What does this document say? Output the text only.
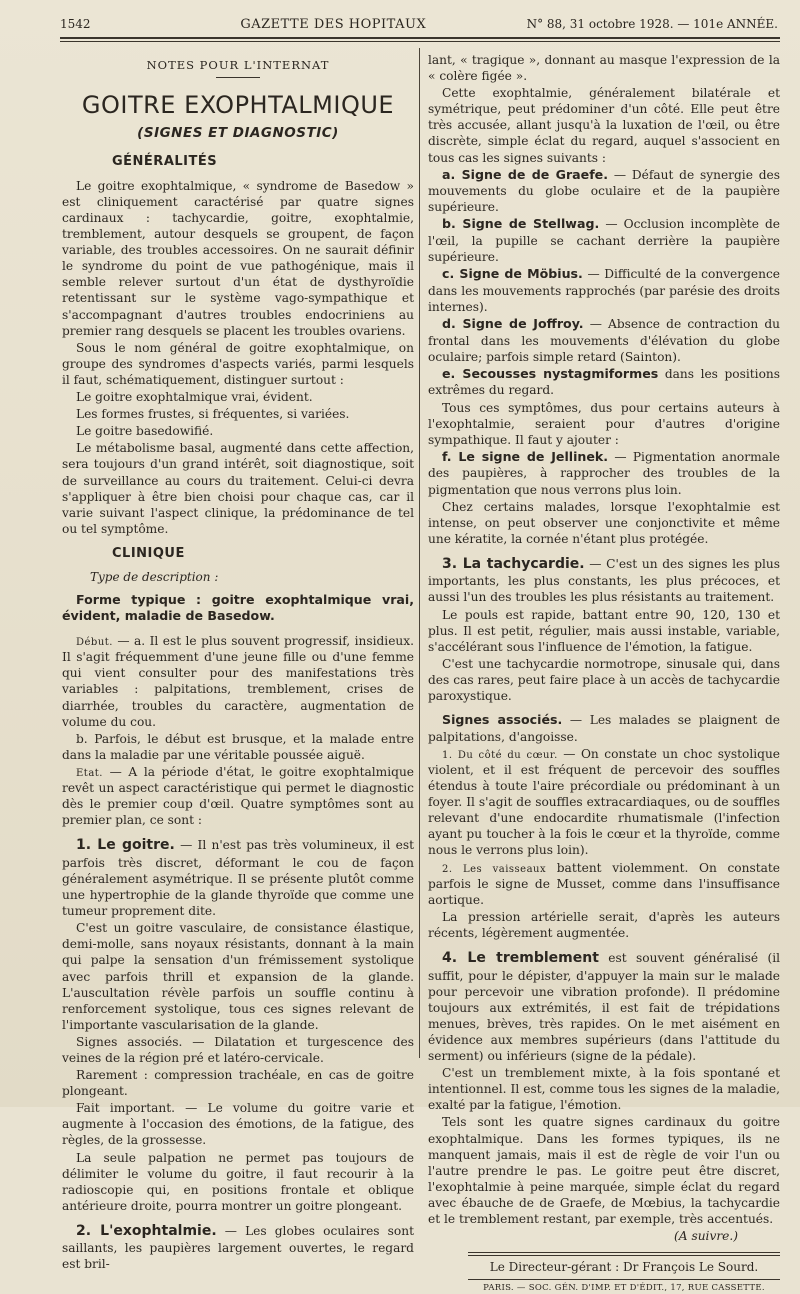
1542	GAZETTE DES HOPITAUX	N° 88, 31 octobre 1928. — 101e ANNÉE.
NOTES POUR L'INTERNAT
GOITRE EXOPHTALMIQUE
(SIGNES ET DIAGNOSTIC)
GÉNÉRALITÉS

Le goitre exophtalmique, « syndrome de Basedow » est cliniquement caractérisé par quatre signes cardinaux : tachycardie, goitre, exophtalmie, tremblement, autour desquels se groupent, de façon variable, des troubles accessoires. On ne saurait définir le syndrome du point de vue pathogénique, mais il semble relever surtout d'un état de dysthyroïdie retentissant sur le système vago-sympathique et s'accompagnant d'autres troubles endocriniens au premier rang desquels se placent les troubles ovariens.

Sous le nom général de goitre exophtalmique, on groupe des syndromes d'aspects variés, parmi lesquels il faut, schématiquement, distinguer surtout :

Le goitre exophtalmique vrai, évident.

Les formes frustes, si fréquentes, si variées.

Le goitre basedowifié.

Le métabolisme basal, augmenté dans cette affection, sera toujours d'un grand intérêt, soit diagnostique, soit de surveillance au cours du traitement. Celui-ci devra s'appliquer à être bien choisi pour chaque cas, car il varie suivant l'aspect clinique, la prédominance de tel ou tel symptôme.

CLINIQUE
Type de description :

Forme typique : goitre exophtalmique vrai, évident, maladie de Basedow.

Début. — a. Il est le plus souvent progressif, insidieux. Il s'agit fréquemment d'une jeune fille ou d'une femme qui vient consulter pour des manifestations très variables : palpitations, tremblement, crises de diarrhée, troubles du caractère, augmentation de volume du cou.

b. Parfois, le début est brusque, et la malade entre dans la maladie par une véritable poussée aiguë.

Etat. — A la période d'état, le goitre exophtalmique revêt un aspect caractéristique qui permet le diagnostic dès le premier coup d'œil. Quatre symptômes sont au premier plan, ce sont :

1. Le goitre. — Il n'est pas très volumineux, il est parfois très discret, déformant le cou de façon généralement asymétrique. Il se présente plutôt comme une hypertrophie de la glande thyroïde que comme une tumeur proprement dite.

C'est un goitre vasculaire, de consistance élastique, demi-molle, sans noyaux résistants, donnant à la main qui palpe la sensation d'un frémissement systolique avec parfois thrill et expansion de la glande. L'auscultation révèle parfois un souffle continu à renforcement systolique, tous ces signes relevant de l'importante vascularisation de la glande.

Signes associés. — Dilatation et turgescence des veines de la région pré et latéro-cervicale.

Rarement : compression trachéale, en cas de goitre plongeant.

Fait important. — Le volume du goitre varie et augmente à l'occasion des émotions, de la fatigue, des règles, de la grossesse.

La seule palpation ne permet pas toujours de délimiter le volume du goitre, il faut recourir à la radioscopie qui, en positions frontale et oblique antérieure droite, pourra montrer un goitre plongeant.

2. L'exophtalmie. — Les globes oculaires sont saillants, les paupières largement ouvertes, le regard est bril-

lant, « tragique », donnant au masque l'expression de la « colère figée ».

Cette exophtalmie, généralement bilatérale et symétrique, peut prédominer d'un côté. Elle peut être très accusée, allant jusqu'à la luxation de l'œil, ou être discrète, simple éclat du regard, auquel s'associent en tous cas les signes suivants :

a. Signe de de Graefe. — Défaut de synergie des mouvements du globe oculaire et de la paupière supérieure.

b. Signe de Stellwag. — Occlusion incomplète de l'œil, la pupille se cachant derrière la paupière supérieure.

c. Signe de Möbius. — Difficulté de la convergence dans les mouvements rapprochés (par parésie des droits internes).

d. Signe de Joffroy. — Absence de contraction du frontal dans les mouvements d'élévation du globe oculaire; parfois simple retard (Sainton).

e. Secousses nystagmiformes dans les positions extrêmes du regard.

Tous ces symptômes, dus pour certains auteurs à l'exophtalmie, seraient pour d'autres d'origine sympathique. Il faut y ajouter :

f. Le signe de Jellinek. — Pigmentation anormale des paupières, à rapprocher des troubles de la pigmentation que nous verrons plus loin.

Chez certains malades, lorsque l'exophtalmie est intense, on peut observer une conjonctivite et même une kératite, la cornée n'étant plus protégée.

3. La tachycardie. — C'est un des signes les plus importants, les plus constants, les plus précoces, et aussi l'un des troubles les plus résistants au traitement.

Le pouls est rapide, battant entre 90, 120, 130 et plus. Il est petit, régulier, mais aussi instable, variable, s'accélérant sous l'influence de l'émotion, la fatigue.

C'est une tachycardie normotrope, sinusale qui, dans des cas rares, peut faire place à un accès de tachycardie paroxystique.

Signes associés. — Les malades se plaignent de palpitations, d'angoisse.

1. Du côté du cœur. — On constate un choc systolique violent, et il est fréquent de percevoir des souffles étendus à toute l'aire précordiale ou prédominant à un foyer. Il s'agit de souffles extracardiaques, ou de souffles relevant d'une endocardite rhumatismale (l'infection ayant pu toucher à la fois le cœur et la thyroïde, comme nous le verrons plus loin).

2. Les vaisseaux battent violemment. On constate parfois le signe de Musset, comme dans l'insuffisance aortique.

La pression artérielle serait, d'après les auteurs récents, légèrement augmentée.

4. Le tremblement est souvent généralisé (il suffit, pour le dépister, d'appuyer la main sur le malade pour percevoir une vibration profonde). Il prédomine toujours aux extrémités, il est fait de trépidations menues, brèves, très rapides. On le met aisément en évidence aux membres supérieurs (dans l'attitude du serment) ou inférieurs (signe de la pédale).

C'est un tremblement mixte, à la fois spontané et intentionnel. Il est, comme tous les signes de la maladie, exalté par la fatigue, l'émotion.

Tels sont les quatre signes cardinaux du goitre exophtalmique. Dans les formes typiques, ils ne manquent jamais, mais il est de règle de voir l'un ou l'autre prendre le pas. Le goitre peut être discret, l'exophtalmie à peine marquée, simple éclat du regard avec ébauche de de Graefe, de Mœbius, la tachycardie et le tremblement restant, par exemple, très accentués.

(A suivre.)
Le Directeur-gérant : Dr François Le Sourd.
PARIS. — SOC. GÉN. D'IMP. ET D'ÉDIT., 17, RUE CASSETTE.
